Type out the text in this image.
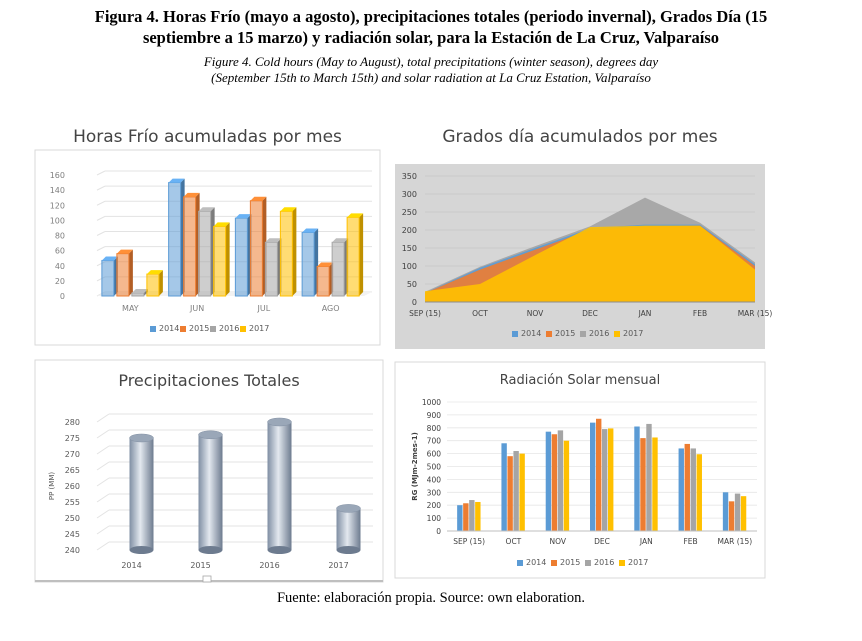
Figura 4. Horas Frío (mayo a agosto), precipitaciones totales (periodo invernal), Grados Día (15
septiembre a 15 marzo) y radiación solar, para la Estación de La Cruz, Valparaíso
Figure 4. Cold hours (May to August), total precipitations (winter season), degrees day
(September 15th to March 15th) and solar radiation at La Cruz Estation, Valparaíso
Horas Frío acumuladas por mes
0
20
40
60
80
100
120
140
160
MAY	JUN	JUL	AGO
2014 2015 2016 2017
Grados día acumulados por mes
0
50
100
150
200
250
300
350
SEP (15)	OCT	NOV	DEC	JAN	FEB	MAR (15)
2014 2015 2016 2017
240
245
250
255
260
265
270
275
280
PP (MM)
2014	2015	2016	2017
Precipitaciones Totales
0
100
200
300
400
500
600
700
800
900
1000
RG (MJm-2mes-1)
SEP (15)	OCT	NOV	DEC	JAN	FEB	MAR (15)
2014 2015 2016 2017
Radiación Solar mensual
Fuente: elaboración propia. Source: own elaboration.
